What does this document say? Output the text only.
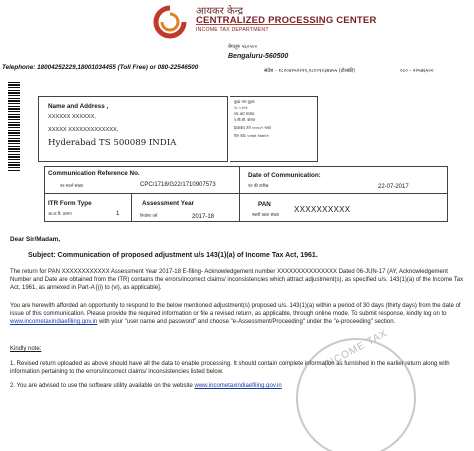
आयकर केन्द्र
CENTRALIZED PROCESSING CENTER
INCOME TAX DEPARTMENT
बेंगलूरु ५६०५००
Bengaluru-560500
Telephone: 18004252229,18001034455 (Toll Free) or 080-22546500	संदेश - १८००४२५२२२९,१८००१०३४४५५ (टोलफ्री)	०८० - २२५४६५००
Name and Address ,
XXXXXX XXXXXX,
XXXXX XXXXXXXXXXXXX,
Hyderabad TS 500089 INDIA
मुख्य नाम मुद्रक
२८ ५ ४५९
एच-आर बाज़ाद
ए.सी.सी. बोसल
हैदराबाद तेलं ५०००८९ भारत
पिन कोड ५००७४ २४७४५९
Communication Reference No.
पत्र संदर्भ संख्या	CPC/1718/G22/1710907573
Date of Communication:
पत्र की तारीख	22-07-2017
ITR Form Type
आ.क.रि. प्रारूप	1
Assessment Year
निर्धारण वर्ष	2017-18
PAN
स्थायी खाता संख्या
XXXXXXXXXX
INCOME TAX
Dear Sir/Madam,
Subject: Communication of proposed adjustment u/s 143(1)(a) of Income Tax Act, 1961.
The return for PAN XXXXXXXXXXXX Assessment Year 2017-18 E-filing- Acknowledgement number XXXXXXXXXXXXXXX Dated 06-JUN-17 (AY, Acknowledgement Number and Date are obtained from the ITR) contains the errors/incorrect claims/ inconsistencies which attract adjustment(s), as specified u/s. 143(1)(a) of the Income Tax Act, 1961, as annexed in Part-A [(i) to (vi), as applicable].
You are herewith afforded an opportunity to respond to the below mentioned adjustment(s) proposed u/s. 143(1)(a) within a period of 30 days (thirty days) from the date of issue of this communication. Please provide the required information or file a revised return, as applicable, through online mode. To submit response, kindly log on to www.incometaxindiaefiling.gov.in with your "user name and password" and choose "e-Assessment/Proceeding" under the "e-proceeding" section.
Kindly note:
1. Revised return uploaded as above should have all the data to enable processing. It should contain complete information as furnished in the earlier return along with information pertaining to the errors/incorrect claims/ inconsistencies listed below.
2. You are advised to use the software utility available on the website www.incometaxindiaefiling.gov.in
